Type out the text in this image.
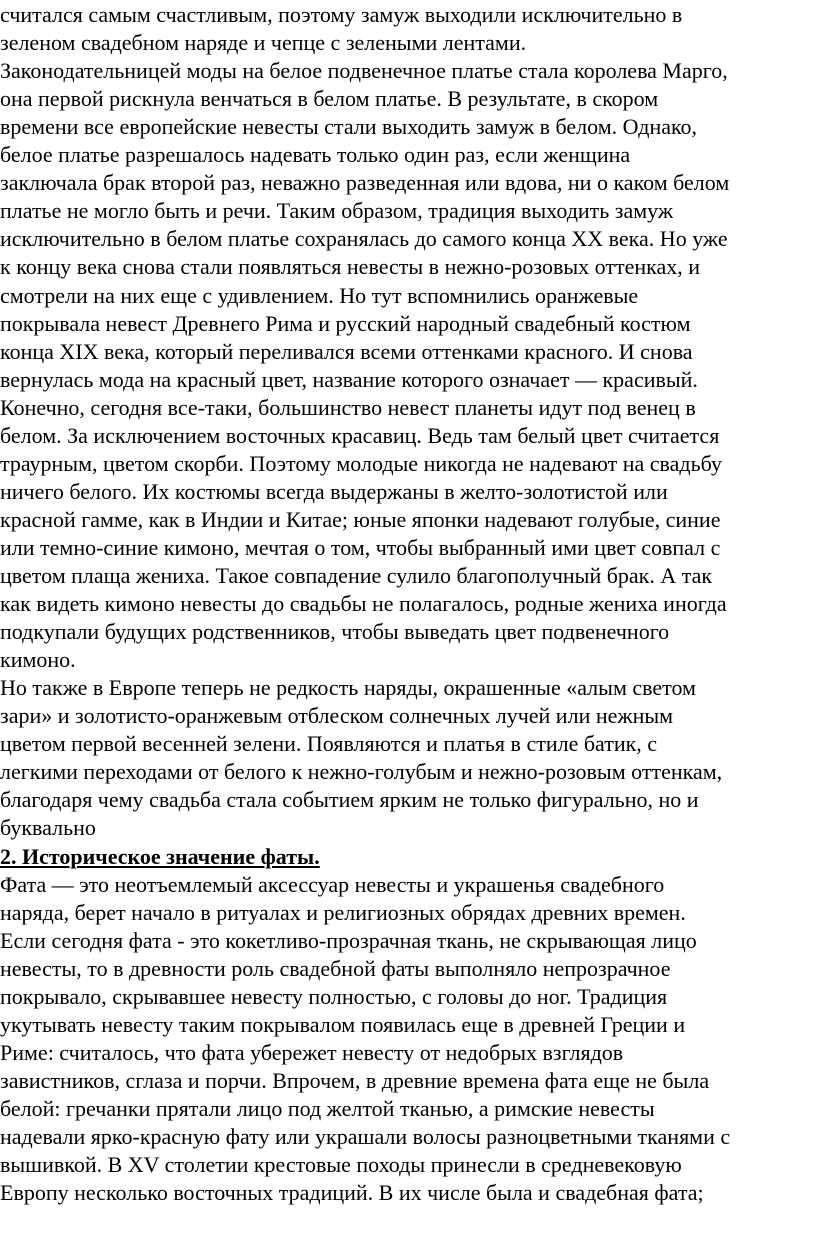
считался самым счастливым, поэтому замуж выходили исключительно в
зеленом свадебном наряде и чепце с зелеными лентами.
Законодательницей моды на белое подвенечное платье стала королева Марго,
она первой рискнула венчаться в белом платье. В результате, в скором
времени все европейские невесты стали выходить замуж в белом. Однако,
белое платье разрешалось надевать только один раз, если женщина
заключала брак второй раз, неважно разведенная или вдова, ни о каком белом
платье не могло быть и речи. Таким образом, традиция выходить замуж
исключительно в белом платье сохранялась до самого конца XX века. Но уже
к концу века снова стали появляться невесты в нежно-розовых оттенках, и
смотрели на них еще с удивлением. Но тут вспомнились оранжевые
покрывала невест Древнего Рима и русский народный свадебный костюм
конца XIX века, который переливался всеми оттенками красного. И снова
вернулась мода на красный цвет, название которого означает — красивый.
Конечно, сегодня все-таки, большинство невест планеты идут под венец в
белом. За исключением восточных красавиц. Ведь там белый цвет считается
траурным, цветом скорби. Поэтому молодые никогда не надевают на свадьбу
ничего белого. Их костюмы всегда выдержаны в желто-золотистой или
красной гамме, как в Индии и Китае; юные японки надевают голубые, синие
или темно-синие кимоно, мечтая о том, чтобы выбранный ими цвет совпал с
цветом плаща жениха. Такое совпадение сулило благополучный брак. А так
как видеть кимоно невесты до свадьбы не полагалось, родные жениха иногда
подкупали будущих родственников, чтобы выведать цвет подвенечного
кимоно.
Но также в Европе теперь не редкость наряды, окрашенные «алым светом
зари» и золотисто-оранжевым отблеском солнечных лучей или нежным
цветом первой весенней зелени. Появляются и платья в стиле батик, с
легкими переходами от белого к нежно-голубым и нежно-розовым оттенкам,
благодаря чему свадьба стала событием ярким не только фигурально, но и
буквально
2. Историческое значение фаты.
Фата — это неотъемлемый аксессуар невесты и украшенья свадебного
наряда, берет начало в ритуалах и религиозных обрядах древних времен.
Если сегодня фата - это кокетливо-прозрачная ткань, не скрывающая лицо
невесты, то в древности роль свадебной фаты выполняло непрозрачное
покрывало, скрывавшее невесту полностью, с головы до ног. Традиция
укутывать невесту таким покрывалом появилась еще в древней Греции и
Риме: считалось, что фата убережет невесту от недобрых взглядов
завистников, сглаза и порчи. Впрочем, в древние времена фата еще не была
белой: гречанки прятали лицо под желтой тканью, а римские невесты
надевали ярко-красную фату или украшали волосы разноцветными тканями с
вышивкой. В XV столетии крестовые походы принесли в средневековую
Европу несколько восточных традиций. В их числе была и свадебная фата;
